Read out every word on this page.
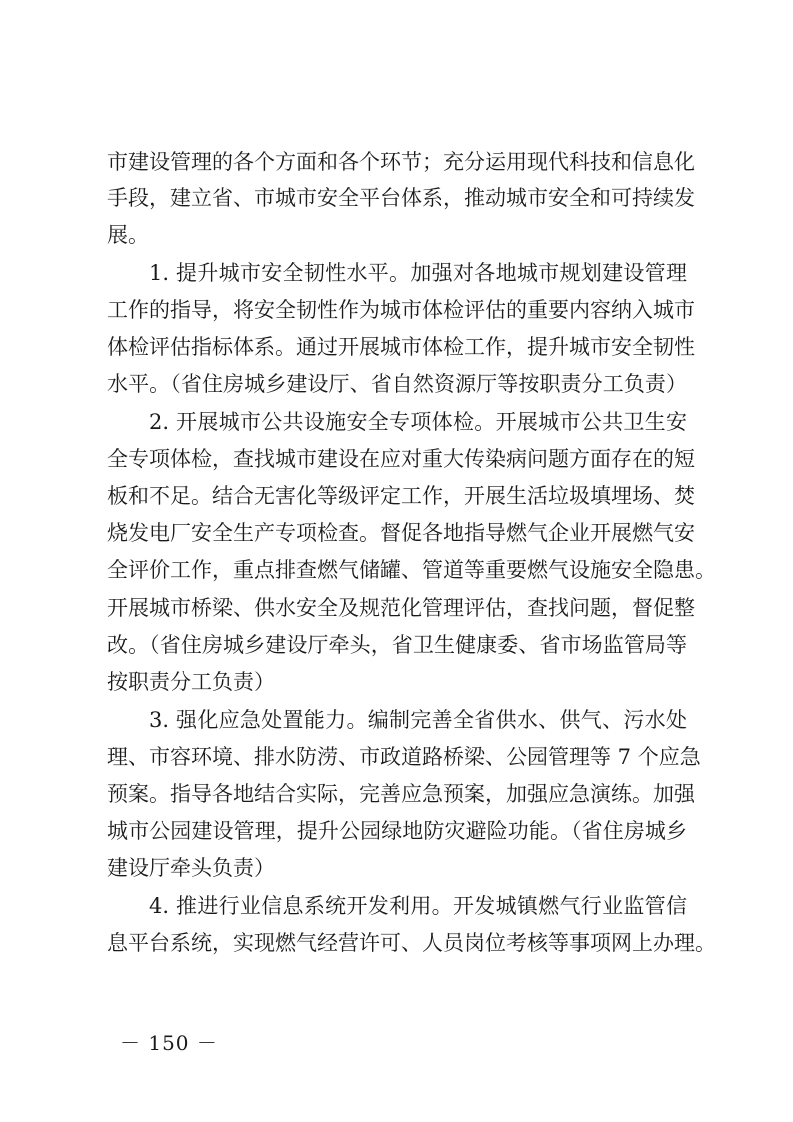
市建设管理的各个方面和各个环节；充分运用现代科技和信息化
手段，建立省、市城市安全平台体系，推动城市安全和可持续发
展。
1. 提升城市安全韧性水平。加强对各地城市规划建设管理
工作的指导，将安全韧性作为城市体检评估的重要内容纳入城市
体检评估指标体系。通过开展城市体检工作，提升城市安全韧性
水平。（省住房城乡建设厅、省自然资源厅等按职责分工负责）
2. 开展城市公共设施安全专项体检。开展城市公共卫生安
全专项体检，查找城市建设在应对重大传染病问题方面存在的短
板和不足。结合无害化等级评定工作，开展生活垃圾填埋场、焚
烧发电厂安全生产专项检查。督促各地指导燃气企业开展燃气安
全评价工作，重点排查燃气储罐、管道等重要燃气设施安全隐患。
开展城市桥梁、供水安全及规范化管理评估，查找问题，督促整
改。（省住房城乡建设厅牵头，省卫生健康委、省市场监管局等
按职责分工负责）
3. 强化应急处置能力。编制完善全省供水、供气、污水处
理、市容环境、排水防涝、市政道路桥梁、公园管理等 7 个应急
预案。指导各地结合实际，完善应急预案，加强应急演练。加强
城市公园建设管理，提升公园绿地防灾避险功能。（省住房城乡
建设厅牵头负责）
4. 推进行业信息系统开发利用。开发城镇燃气行业监管信
息平台系统，实现燃气经营许可、人员岗位考核等事项网上办理。
－ 150 －
